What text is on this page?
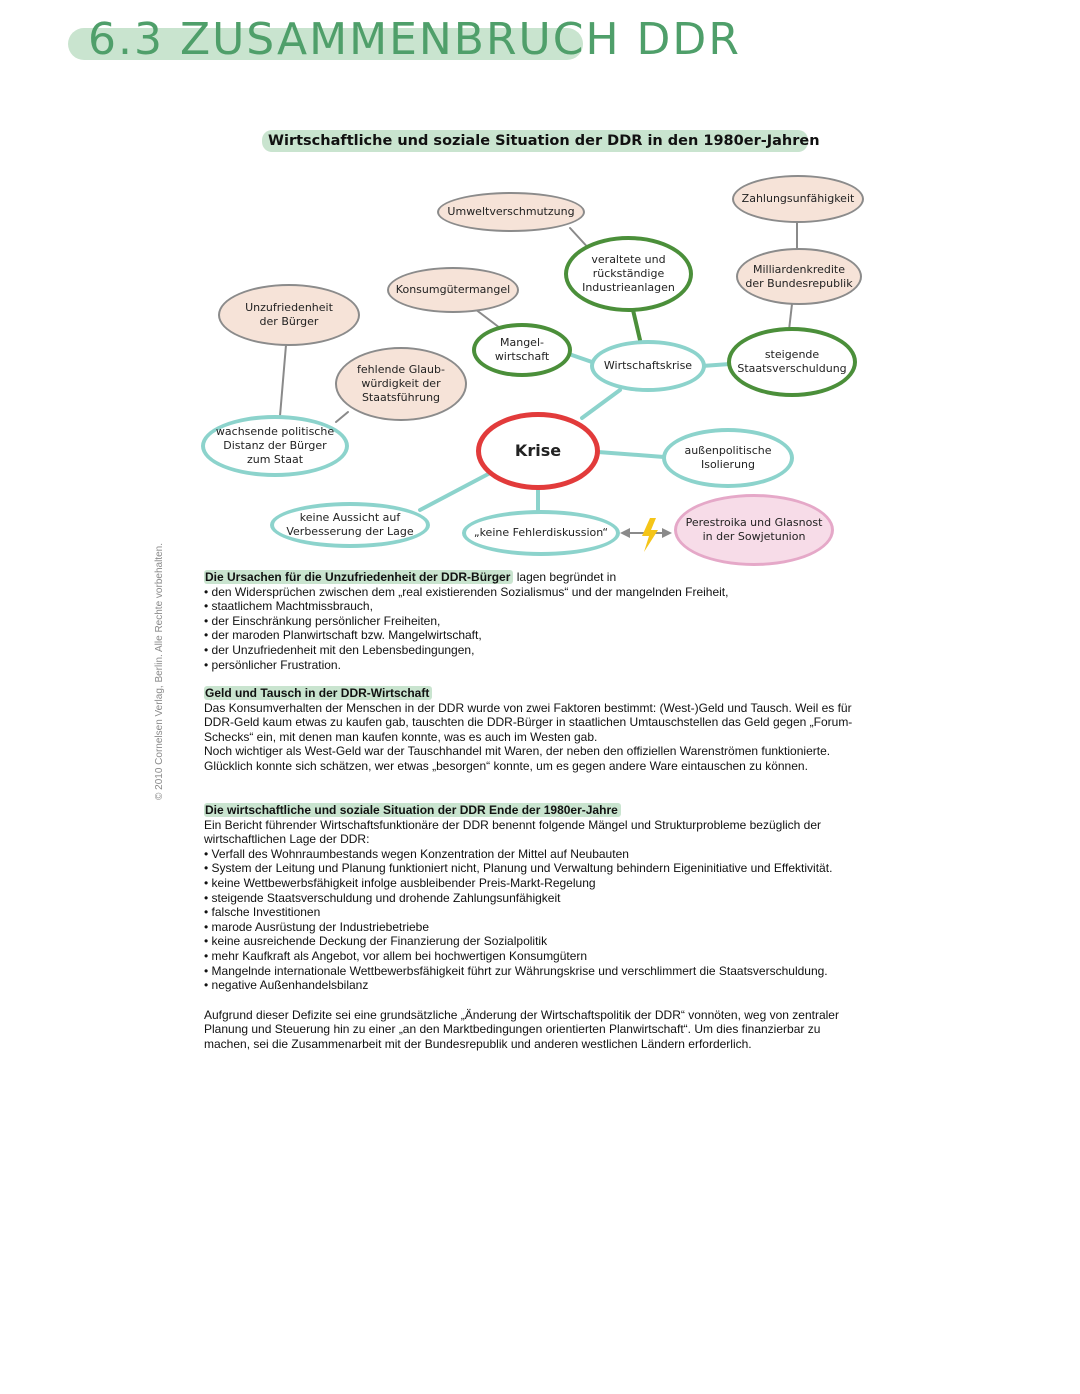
6.3 ZUSAMMENBRUCH DDR
© 2010 Cornelsen Verlag, Berlin. Alle Rechte vorbehalten.
Wirtschaftliche und soziale Situation der DDR in den 1980er-Jahren
Umweltverschmutzung
Zahlungsunfähigkeit
veraltete und
rückständige
Industrieanlagen
Milliardenkredite
der Bundesrepublik
Konsumgütermangel
Unzufriedenheit
der Bürger
Mangel-
wirtschaft
Wirtschaftskrise
steigende
Staatsverschuldung
fehlende Glaub-
würdigkeit der
Staatsführung
wachsende politische
Distanz der Bürger
zum Staat	Krise	außenpolitische
Isolierung
keine Aussicht auf
Verbesserung der Lage	„keine Fehlerdiskussion“
Perestroika und Glasnost
in der Sowjetunion

Die Ursachen für die Unzufriedenheit der DDR-Bürger lagen begründet in

• den Widersprüchen zwischen dem „real existierenden Sozialismus“ und der mangelnden Freiheit,
• staatlichem Machtmissbrauch,
• der Einschränkung persönlicher Freiheiten,
• der maroden Planwirtschaft bzw. Mangelwirtschaft,
• der Unzufriedenheit mit den Lebensbedingungen,
• persönlicher Frustration.

Geld und Tausch in der DDR-Wirtschaft

Das Konsumverhalten der Menschen in der DDR wurde von zwei Faktoren bestimmt: (West-)Geld und Tausch. Weil es für DDR-Geld kaum etwas zu kaufen gab, tauschten die DDR-Bürger in staatlichen Umtauschstellen das Geld gegen „Forum-Schecks“ ein, mit denen man kaufen konnte, was es auch im Westen gab.

Noch wichtiger als West-Geld war der Tauschhandel mit Waren, der neben den offiziellen Warenströmen funktionierte. Glücklich konnte sich schätzen, wer etwas „besorgen“ konnte, um es gegen andere Ware eintauschen zu können.

Die wirtschaftliche und soziale Situation der DDR Ende der 1980er-Jahre

Ein Bericht führender Wirtschaftsfunktionäre der DDR benennt folgende Mängel und Strukturprobleme bezüglich der wirtschaftlichen Lage der DDR:

• Verfall des Wohnraumbestands wegen Konzentration der Mittel auf Neubauten
• System der Leitung und Planung funktioniert nicht, Planung und Verwaltung behindern Eigeninitiative und Effektivität.
• keine Wettbewerbsfähigkeit infolge ausbleibender Preis-Markt-Regelung
• steigende Staatsverschuldung und drohende Zahlungsunfähigkeit
• falsche Investitionen
• marode Ausrüstung der Industriebetriebe
• keine ausreichende Deckung der Finanzierung der Sozialpolitik
• mehr Kaufkraft als Angebot, vor allem bei hochwertigen Konsumgütern
• Mangelnde internationale Wettbewerbsfähigkeit führt zur Währungskrise und verschlimmert die Staatsverschuldung.
• negative Außenhandelsbilanz

Aufgrund dieser Defizite sei eine grundsätzliche „Änderung der Wirtschaftspolitik der DDR“ vonnöten, weg von zentraler Planung und Steuerung hin zu einer „an den Marktbedingungen orientierten Planwirtschaft“. Um dies finanzierbar zu machen, sei die Zusammenarbeit mit der Bundesrepublik und anderen westlichen Ländern erforderlich.
